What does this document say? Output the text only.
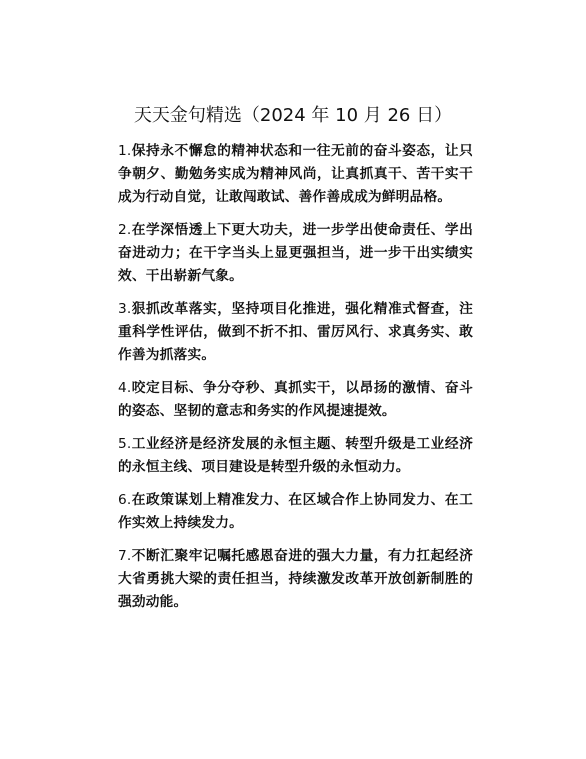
天天金句精选（2024 年 10 月 26 日）

1.保持永不懈怠的精神状态和一往无前的奋斗姿态，让只争朝夕、勤勉务实成为精神风尚，让真抓真干、苦干实干成为行动自觉，让敢闯敢试、善作善成成为鲜明品格。

2.在学深悟透上下更大功夫，进一步学出使命责任、学出奋进动力；在干字当头上显更强担当，进一步干出实绩实效、干出崭新气象。

3.狠抓改革落实，坚持项目化推进，强化精准式督查，注重科学性评估，做到不折不扣、雷厉风行、求真务实、敢作善为抓落实。

4.咬定目标、争分夺秒、真抓实干，以昂扬的激情、奋斗的姿态、坚韧的意志和务实的作风提速提效。

5.工业经济是经济发展的永恒主题、转型升级是工业经济的永恒主线、项目建设是转型升级的永恒动力。

6.在政策谋划上精准发力、在区域合作上协同发力、在工作实效上持续发力。

7.不断汇聚牢记嘱托感恩奋进的强大力量，有力扛起经济大省勇挑大梁的责任担当，持续激发改革开放创新制胜的强劲动能。
